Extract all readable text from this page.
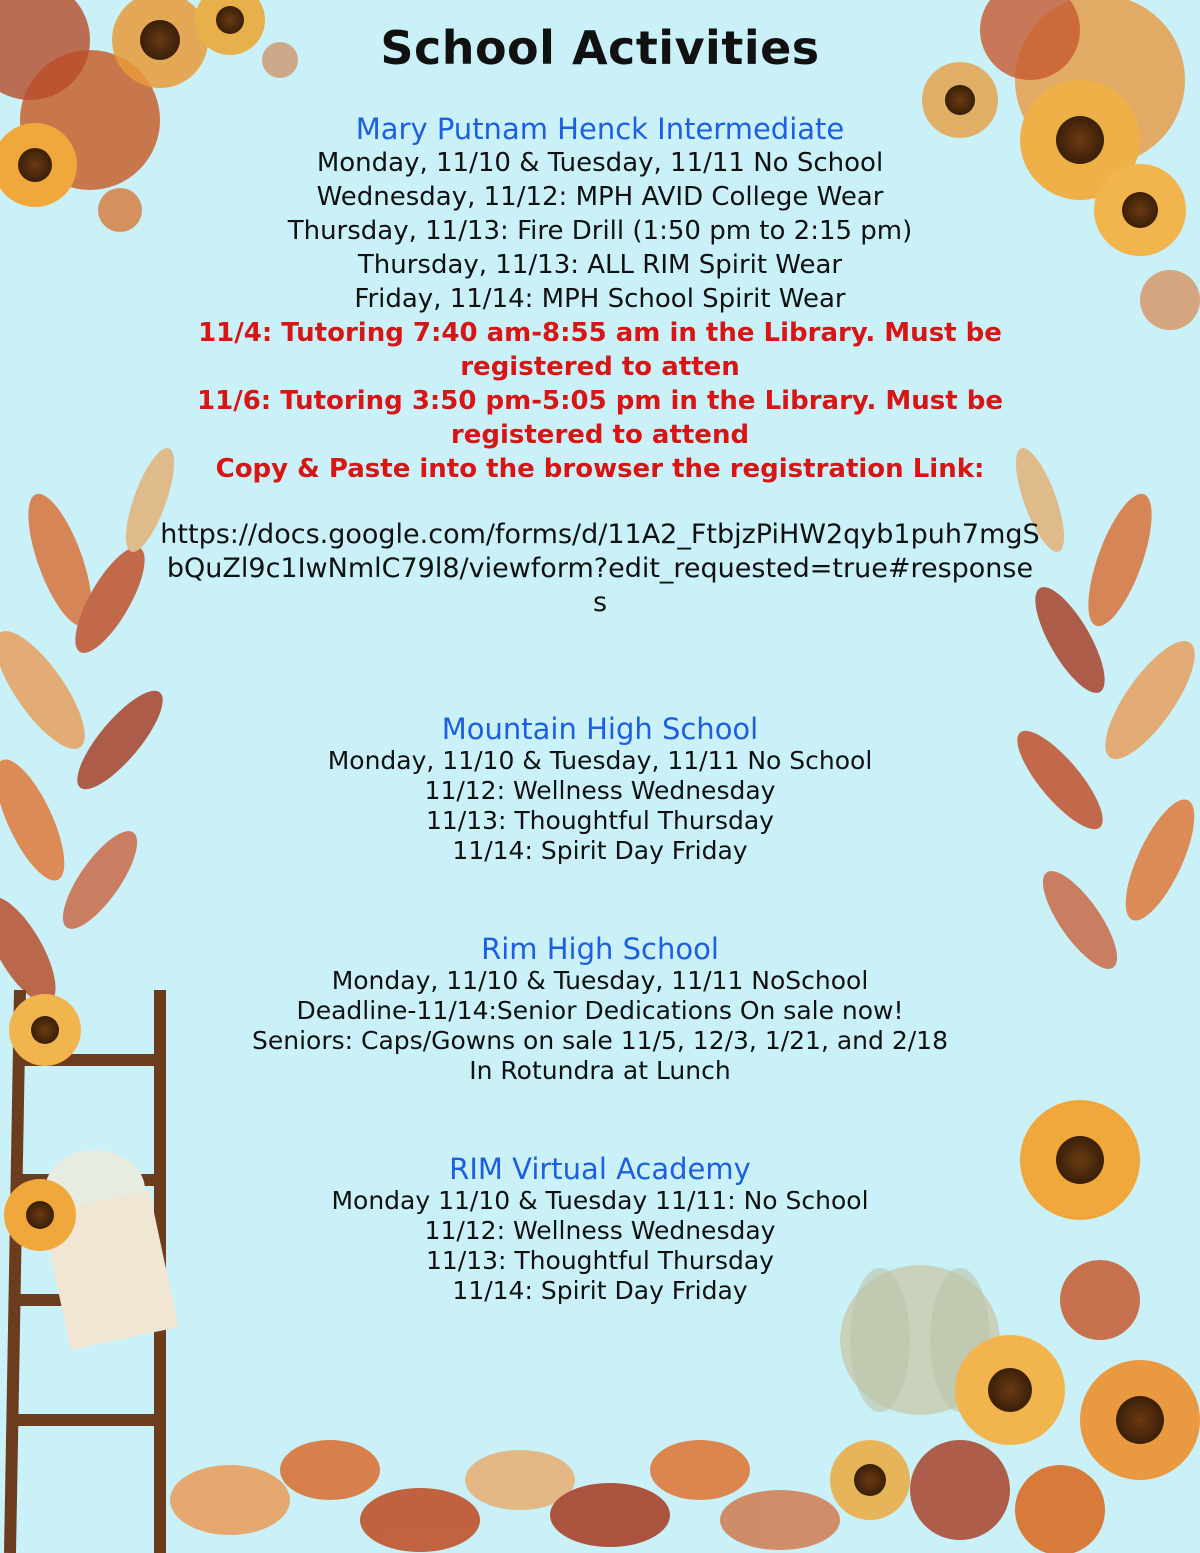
School Activities
Mary Putnam Henck Intermediate

Monday, 11/10 & Tuesday, 11/11 No School

Wednesday, 11/12: MPH AVID College Wear

Thursday, 11/13: Fire Drill (1:50 pm to 2:15 pm)

Thursday, 11/13: ALL RIM Spirit Wear

Friday, 11/14: MPH School Spirit Wear

11/4: Tutoring 7:40 am-8:55 am in the Library. Must be registered to atten

11/6: Tutoring 3:50 pm-5:05 pm in the Library. Must be registered to attend

Copy & Paste into the browser the registration Link:

https://docs.google.com/forms/d/11A2_FtbjzPiHW2qyb1puh7mgSbQuZl9c1IwNmlC79l8/viewform?edit_requested=true#responses

Mountain High School

Monday, 11/10 & Tuesday, 11/11 No School

11/12: Wellness Wednesday

11/13: Thoughtful Thursday

11/14: Spirit Day Friday

Rim High School

Monday, 11/10 & Tuesday, 11/11 NoSchool

Deadline-11/14:Senior Dedications On sale now!

Seniors: Caps/Gowns on sale 11/5, 12/3, 1/21, and 2/18

In Rotundra at Lunch

RIM Virtual Academy

Monday 11/10 & Tuesday 11/11: No School

11/12: Wellness Wednesday

11/13: Thoughtful Thursday

11/14: Spirit Day Friday
